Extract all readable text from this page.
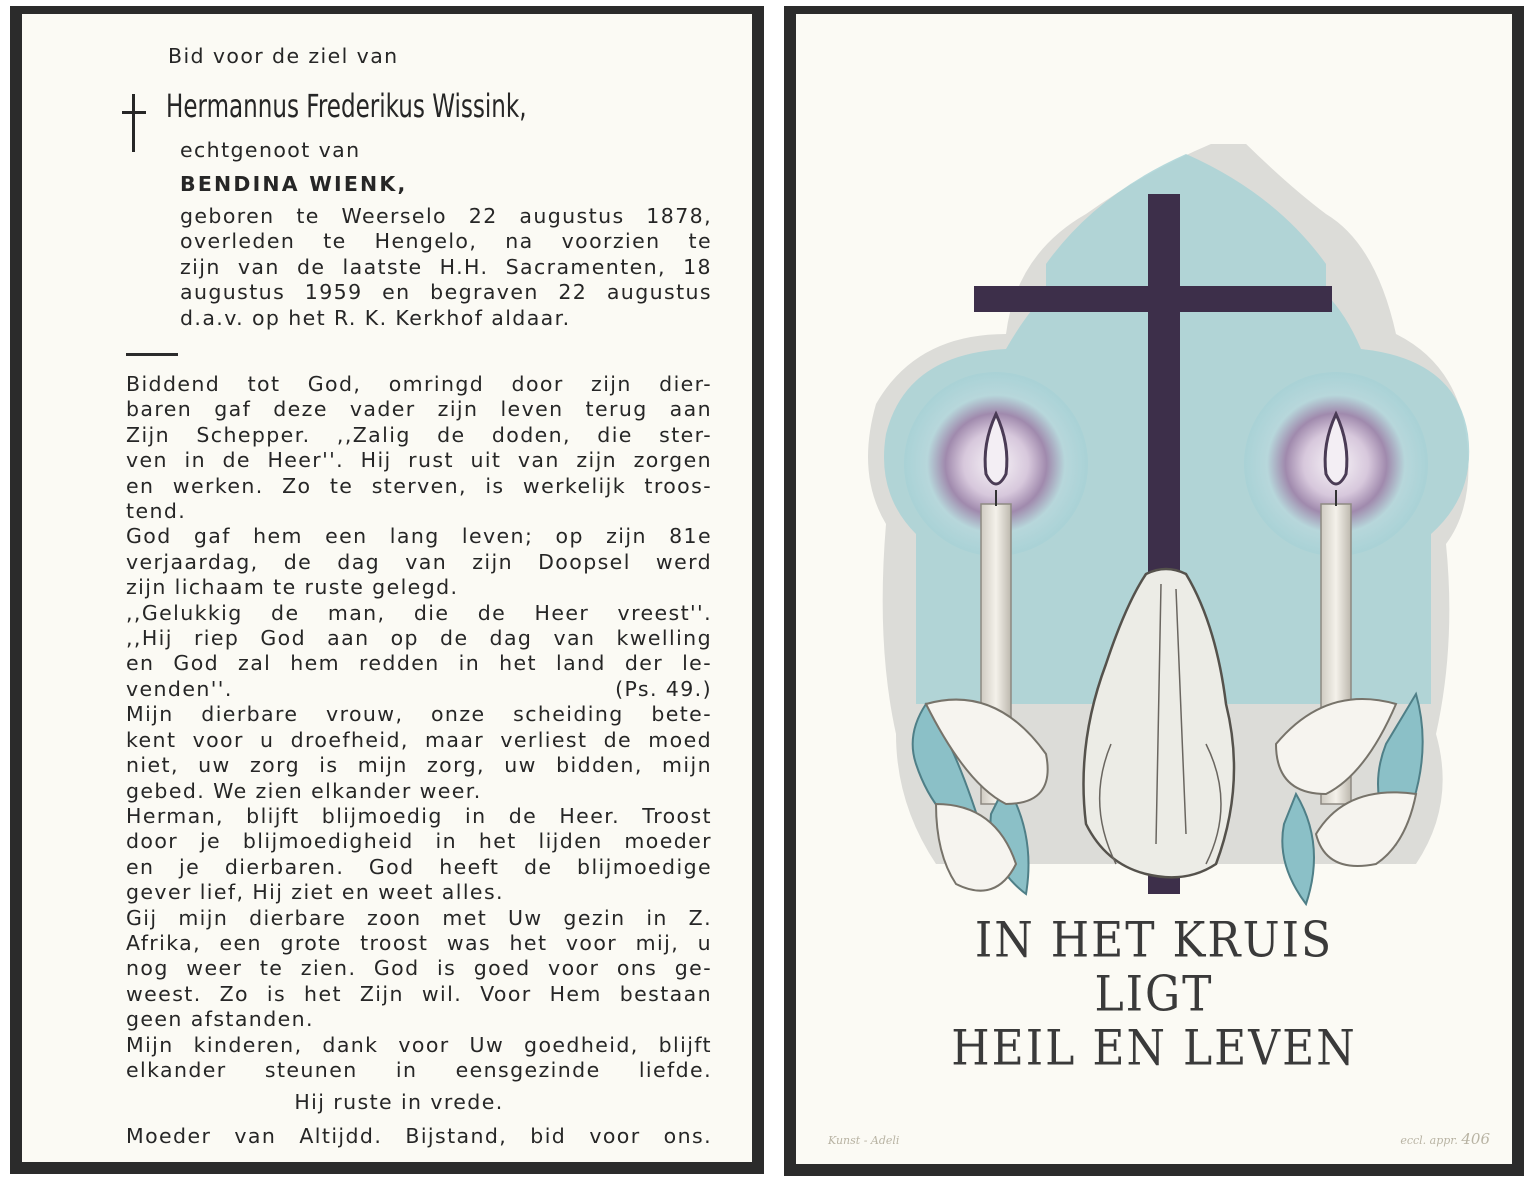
Bid voor de ziel van
Hermannus Frederikus Wissink,
echtgenoot van
BENDINA WIENK,
geboren te Weerselo 22 augustus 1878,
overleden te Hengelo, na voorzien te
zijn van de laatste H.H. Sacramenten, 18
augustus 1959 en begraven 22 augustus
d.a.v. op het R. K. Kerkhof aldaar.
Biddend tot God, omringd door zijn dier-
baren gaf deze vader zijn leven terug aan
Zijn Schepper. ,,Zalig de doden, die ster-
ven in de Heer''. Hij rust uit van zijn zorgen
en werken. Zo te sterven, is werkelijk troos-
tend.
God gaf hem een lang leven; op zijn 81e
verjaardag, de dag van zijn Doopsel werd
zijn lichaam te ruste gelegd.
,,Gelukkig de man, die de Heer vreest''.
,,Hij riep God aan op de dag van kwelling
en God zal hem redden in het land der le-
venden''.	(Ps. 49.)
Mijn dierbare vrouw, onze scheiding bete-
kent voor u droefheid, maar verliest de moed
niet, uw zorg is mijn zorg, uw bidden, mijn
gebed. We zien elkander weer.
Herman, blijft blijmoedig in de Heer. Troost
door je blijmoedigheid in het lijden moeder
en je dierbaren. God heeft de blijmoedige
gever lief, Hij ziet en weet alles.
Gij mijn dierbare zoon met Uw gezin in Z.
Afrika, een grote troost was het voor mij, u
nog weer te zien. God is goed voor ons ge-
weest. Zo is het Zijn wil. Voor Hem bestaan
geen afstanden.
Mijn kinderen, dank voor Uw goedheid, blijft
elkander steunen in eensgezinde liefde.
Hij ruste in vrede.
Moeder van Altijdd. Bijstand, bid voor ons.
IN HET KRUIS
LIGT
HEIL EN LEVEN
Kunst - Adeli	eccl. appr. 406
